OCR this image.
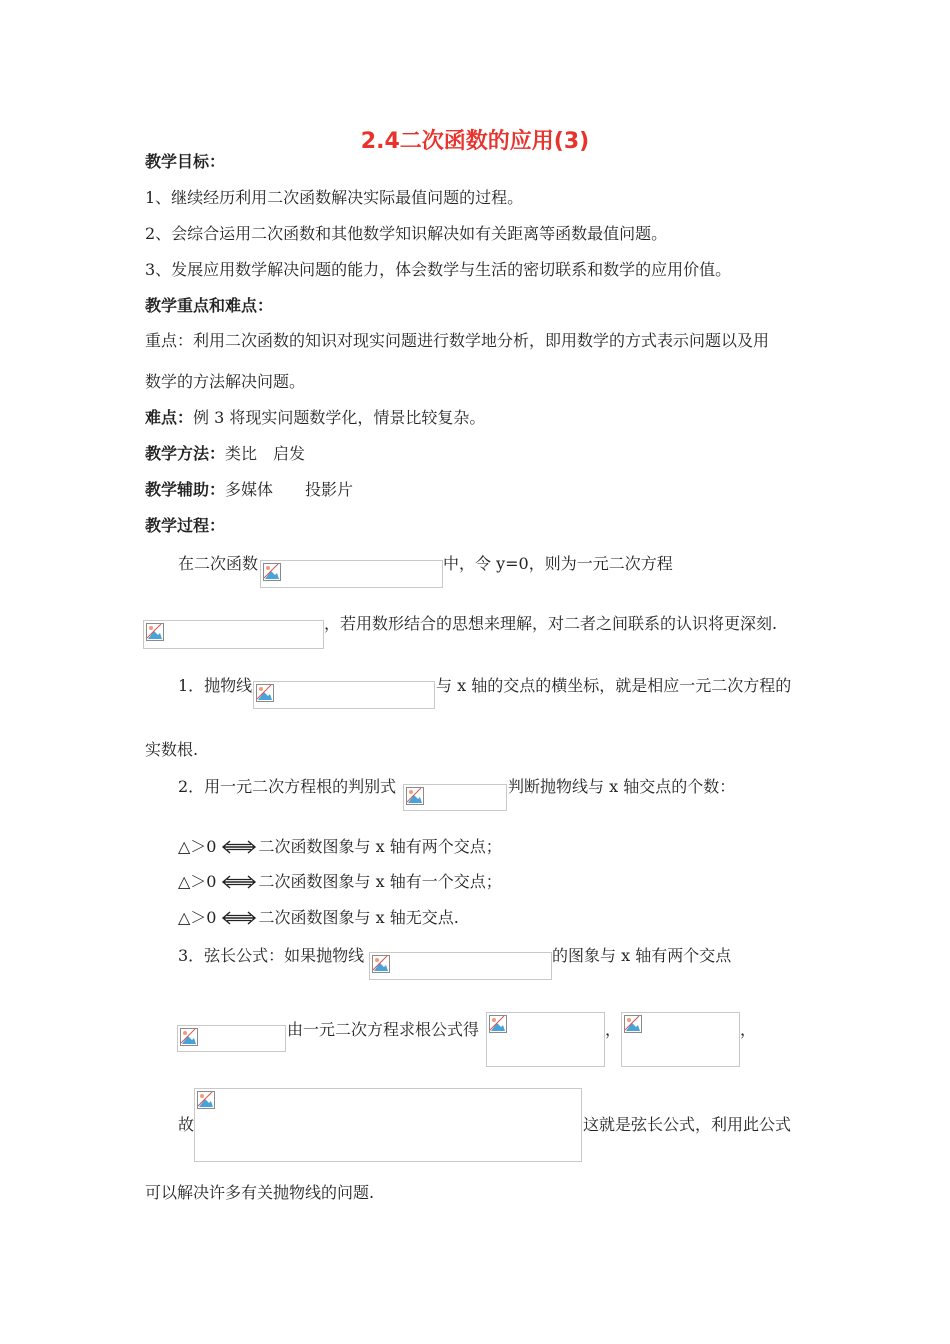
2.4二次函数的应用(3)
教学目标：
1、继续经历利用二次函数解决实际最值问题的过程。
2、会综合运用二次函数和其他数学知识解决如有关距离等函数最值问题。
3、发展应用数学解决问题的能力，体会数学与生活的密切联系和数学的应用价值。
教学重点和难点：
重点：利用二次函数的知识对现实问题进行数学地分析，即用数学的方式表示问题以及用
数学的方法解决问题。
难点：例 3 将现实问题数学化，情景比较复杂。
教学方法：类比　启发
教学辅助：多媒体　　投影片
教学过程：
在二次函数	中，令 y=0，则为一元二次方程
，若用数形结合的思想来理解，对二者之间联系的认识将更深刻.
1．抛物线	与 x 轴的交点的横坐标，就是相应一元二次方程的
实数根.
2．用一元二次方程根的判别式	判断抛物线与 x 轴交点的个数：
△＞0	二次函数图象与 x 轴有两个交点；
△＞0	二次函数图象与 x 轴有一个交点；
△＞0	二次函数图象与 x 轴无交点.
3．弦长公式：如果抛物线	的图象与 x 轴有两个交点
由一元二次方程求根公式得	，	，
故	这就是弦长公式，利用此公式
可以解决许多有关抛物线的问题.
